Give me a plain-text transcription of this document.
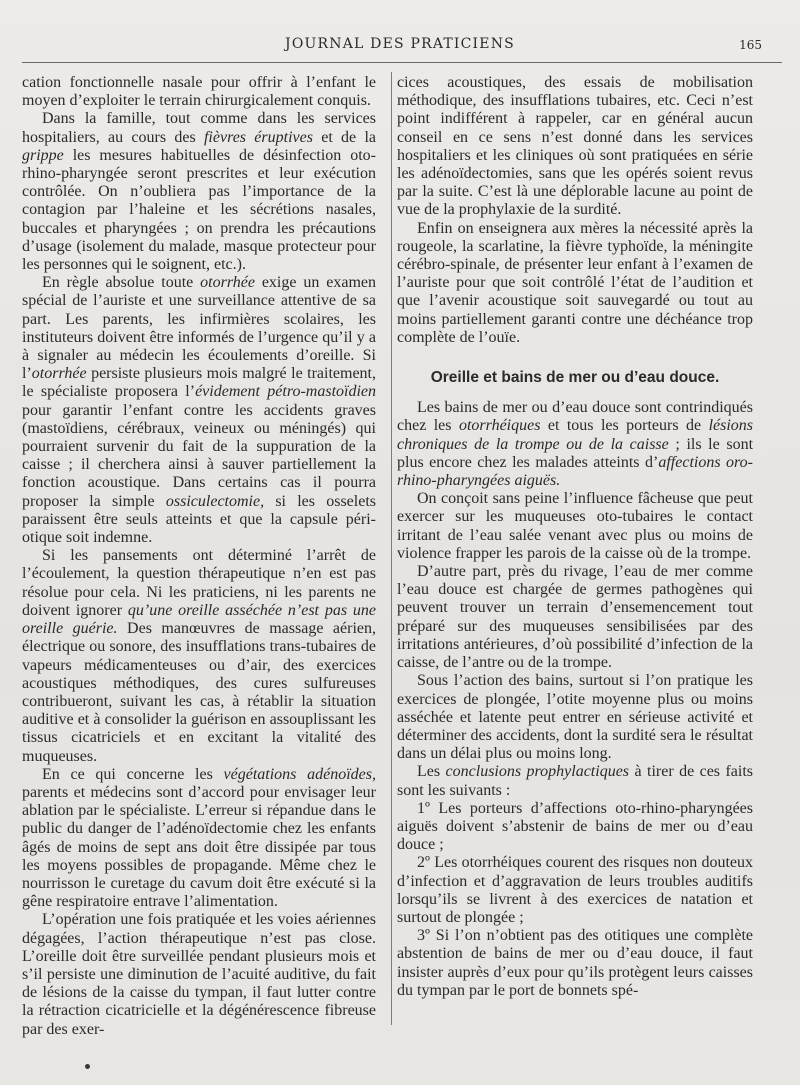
JOURNAL DES PRATICIENS	165

cation fonctionnelle nasale pour offrir à l’enfant le moyen d’exploiter le terrain chirurgicalement conquis.

Dans la famille, tout comme dans les services hospitaliers, au cours des fièvres éruptives et de la grippe les mesures habituelles de désinfection oto-rhino-pharyngée seront prescrites et leur exécution contrôlée. On n’oubliera pas l’importance de la contagion par l’haleine et les sécrétions nasales, buccales et pharyngées ; on prendra les précautions d’usage (isolement du malade, masque protecteur pour les personnes qui le soignent, etc.).

En règle absolue toute otorrhée exige un examen spécial de l’auriste et une surveillance attentive de sa part. Les parents, les infirmières scolaires, les instituteurs doivent être informés de l’urgence qu’il y a à signaler au médecin les écoulements d’oreille. Si l’otorrhée persiste plusieurs mois malgré le traitement, le spécialiste proposera l’évidement pétro-mastoïdien pour garantir l’enfant contre les accidents graves (mastoïdiens, cérébraux, veineux ou méningés) qui pourraient survenir du fait de la suppuration de la caisse ; il cherchera ainsi à sauver partiellement la fonction acoustique. Dans certains cas il pourra proposer la simple ossiculectomie, si les osselets paraissent être seuls atteints et que la capsule péri-otique soit indemne.

Si les pansements ont déterminé l’arrêt de l’écoulement, la question thérapeutique n’en est pas résolue pour cela. Ni les praticiens, ni les parents ne doivent ignorer qu’une oreille asséchée n’est pas une oreille guérie. Des manœuvres de massage aérien, électrique ou sonore, des insufflations trans-tubaires de vapeurs médicamenteuses ou d’air, des exercices acoustiques méthodiques, des cures sulfureuses contribueront, suivant les cas, à rétablir la situation auditive et à consolider la guérison en assouplissant les tissus cicatriciels et en excitant la vitalité des muqueuses.

En ce qui concerne les végétations adénoïdes, parents et médecins sont d’accord pour envisager leur ablation par le spécialiste. L’erreur si répandue dans le public du danger de l’adénoïdectomie chez les enfants âgés de moins de sept ans doit être dissipée par tous les moyens possibles de propagande. Même chez le nourrisson le curetage du cavum doit être exécuté si la gêne respiratoire entrave l’alimentation.

L’opération une fois pratiquée et les voies aériennes dégagées, l’action thérapeutique n’est pas close. L’oreille doit être surveillée pendant plusieurs mois et s’il persiste une diminution de l’acuité auditive, du fait de lésions de la caisse du tympan, il faut lutter contre la rétraction cicatricielle et la dégénérescence fibreuse par des exer-

cices acoustiques, des essais de mobilisation méthodique, des insufflations tubaires, etc. Ceci n’est point indifférent à rappeler, car en général aucun conseil en ce sens n’est donné dans les services hospitaliers et les cliniques où sont pratiquées en série les adénoïdectomies, sans que les opérés soient revus par la suite. C’est là une déplorable lacune au point de vue de la prophylaxie de la surdité.

Enfin on enseignera aux mères la nécessité après la rougeole, la scarlatine, la fièvre typhoïde, la méningite cérébro-spinale, de présenter leur enfant à l’examen de l’auriste pour que soit contrôlé l’état de l’audition et que l’avenir acoustique soit sauvegardé ou tout au moins partiellement garanti contre une déchéance trop complète de l’ouïe.

Oreille et bains de mer ou d’eau douce.

Les bains de mer ou d’eau douce sont contrindiqués chez les otorrhéiques et tous les porteurs de lésions chroniques de la trompe ou de la caisse ; ils le sont plus encore chez les malades atteints d’affections oro-rhino-pharyngées aiguës.

On conçoit sans peine l’influence fâcheuse que peut exercer sur les muqueuses oto-tubaires le contact irritant de l’eau salée venant avec plus ou moins de violence frapper les parois de la caisse où de la trompe.

D’autre part, près du rivage, l’eau de mer comme l’eau douce est chargée de germes pathogènes qui peuvent trouver un terrain d’ensemencement tout préparé sur des muqueuses sensibilisées par des irritations antérieures, d’où possibilité d’infection de la caisse, de l’antre ou de la trompe.

Sous l’action des bains, surtout si l’on pratique les exercices de plongée, l’otite moyenne plus ou moins asséchée et latente peut entrer en sérieuse activité et déterminer des accidents, dont la surdité sera le résultat dans un délai plus ou moins long.

Les conclusions prophylactiques à tirer de ces faits sont les suivants :

1º Les porteurs d’affections oto-rhino-pharyngées aiguës doivent s’abstenir de bains de mer ou d’eau douce ;

2º Les otorrhéiques courent des risques non douteux d’infection et d’aggravation de leurs troubles auditifs lorsqu’ils se livrent à des exercices de natation et surtout de plongée ;

3º Si l’on n’obtient pas des otitiques une complète abstention de bains de mer ou d’eau douce, il faut insister auprès d’eux pour qu’ils protègent leurs caisses du tympan par le port de bonnets spé-
